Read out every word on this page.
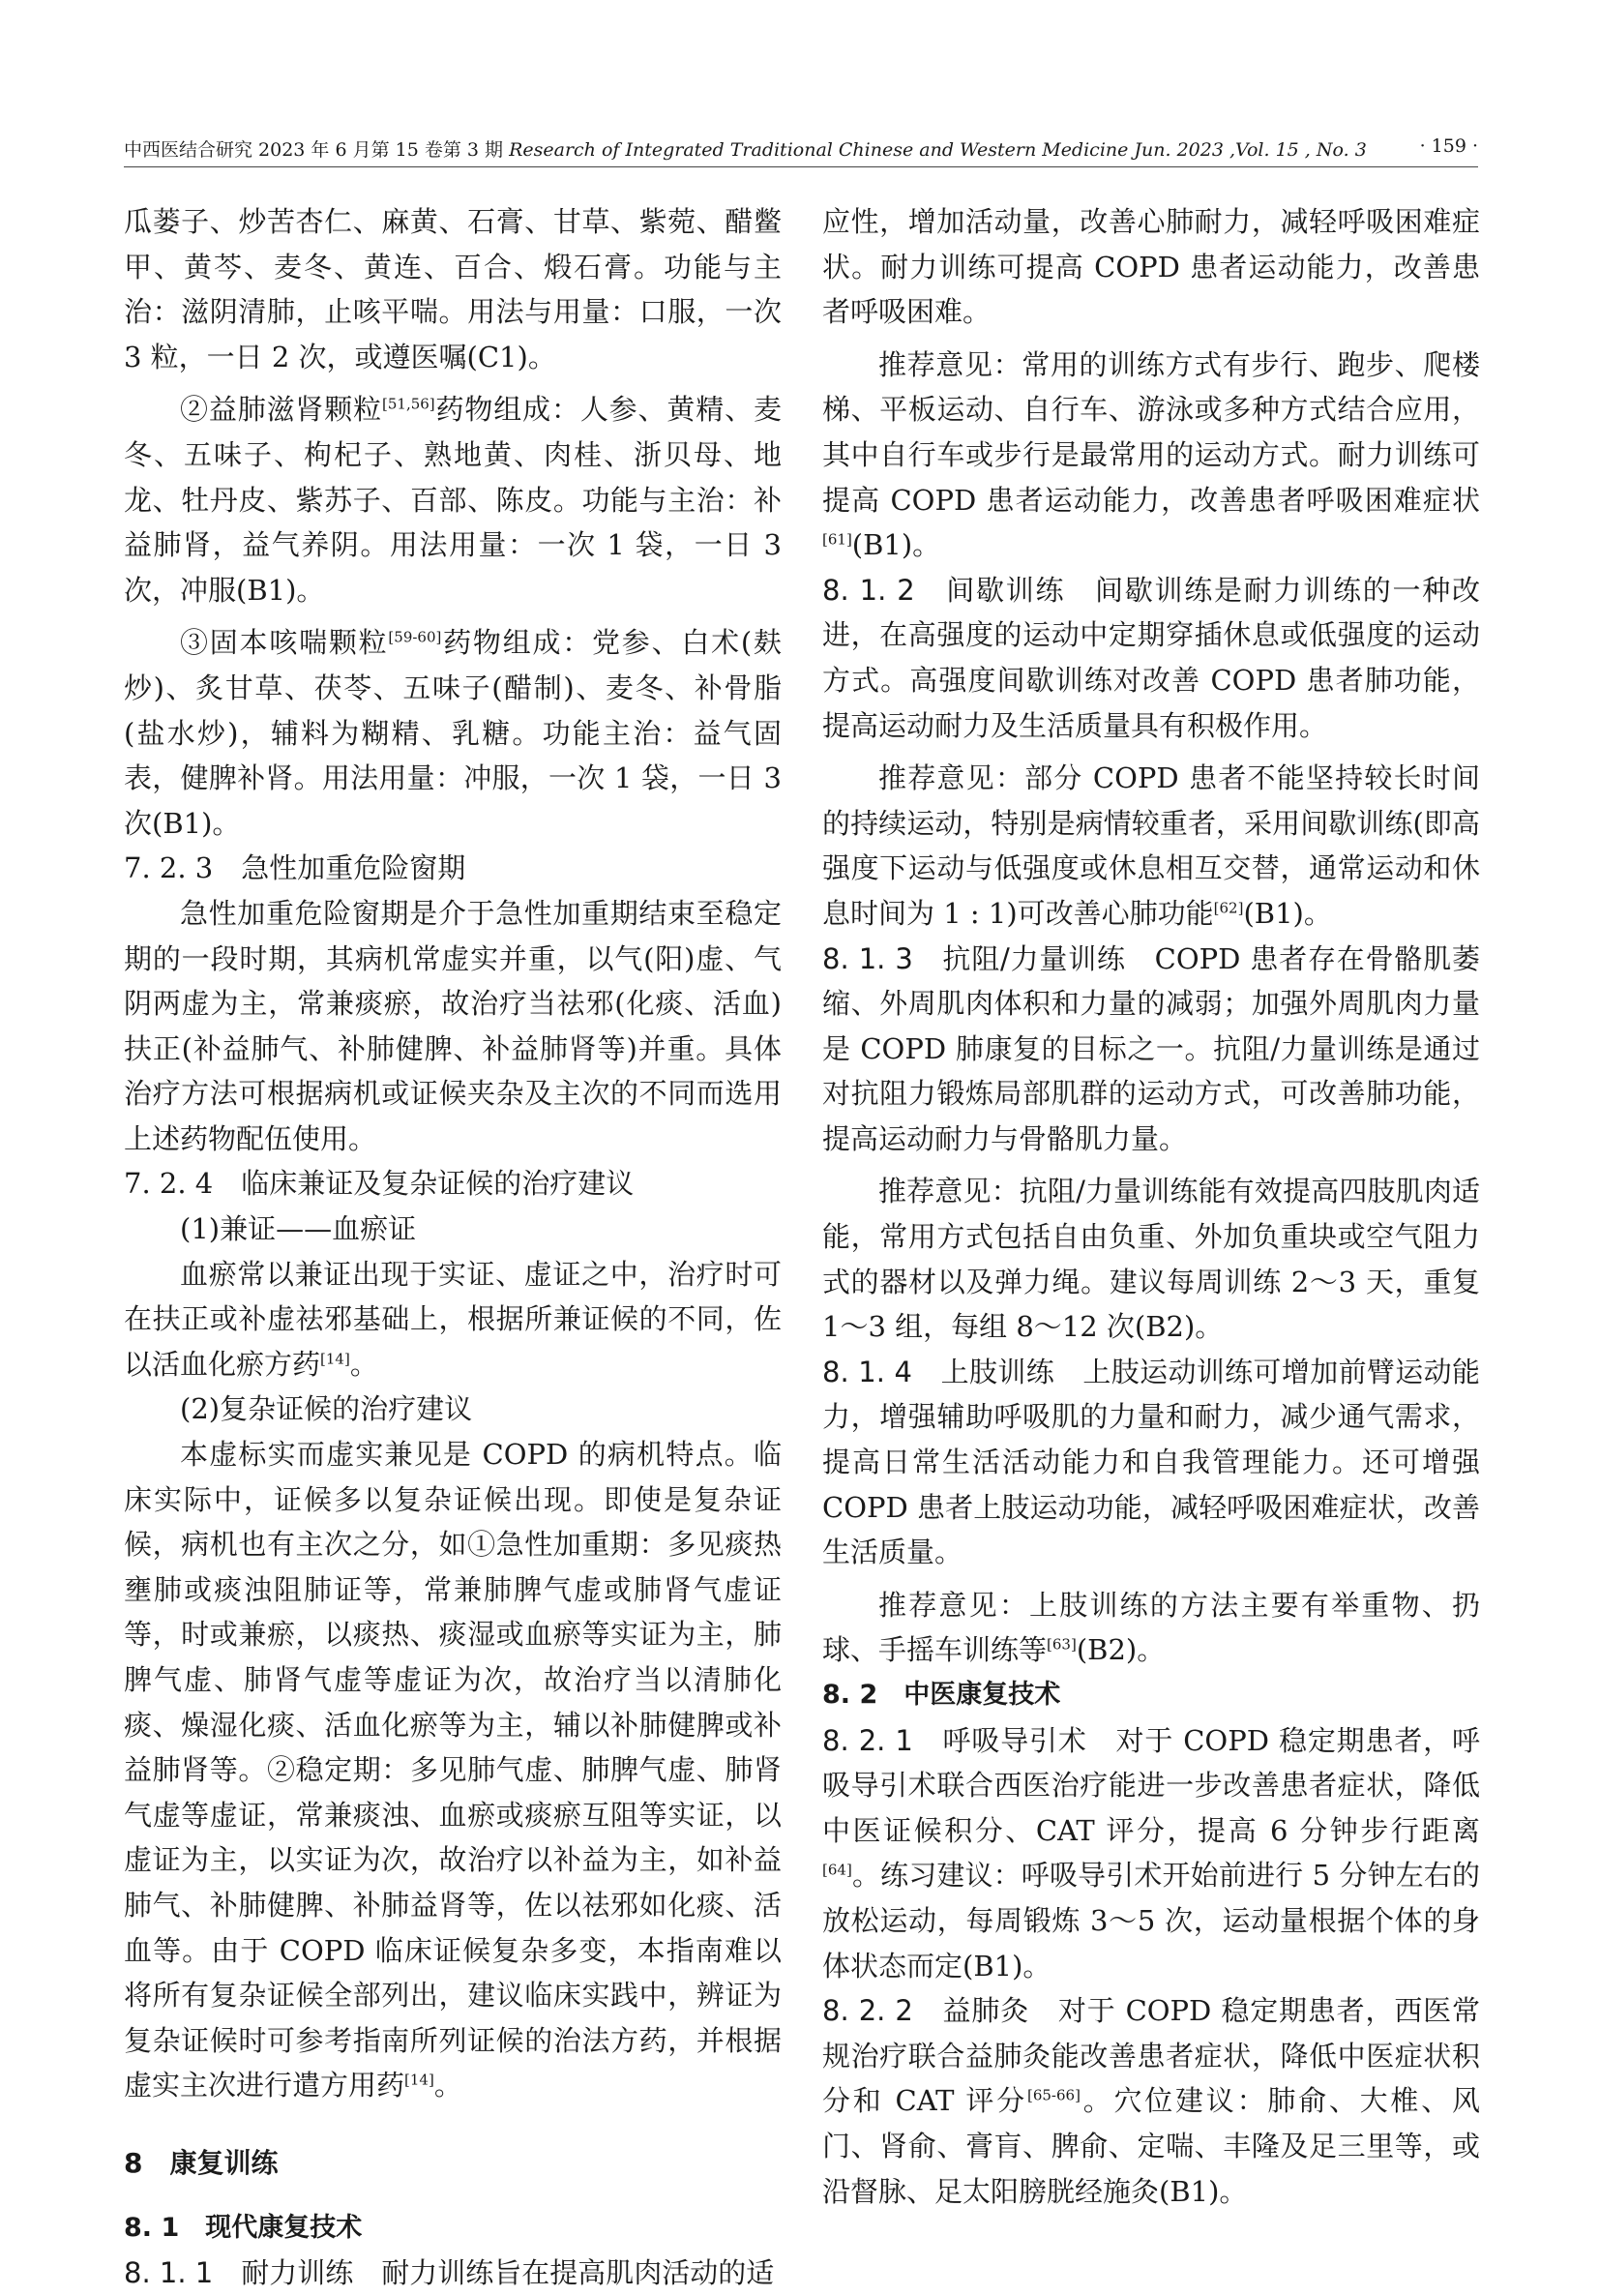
中西医结合研究 2023 年 6 月第 15 卷第 3 期 Research of Integrated Traditional Chinese and Western Medicine Jun. 2023 ,Vol. 15 , No. 3	· 159 ·

瓜蒌子、炒苦杏仁、麻黄、石膏、甘草、紫菀、醋鳖甲、黄芩、麦冬、黄连、百合、煅石膏。功能与主治：滋阴清肺，止咳平喘。用法与用量：口服，一次 3 粒，一日 2 次，或遵医嘱(C1)。

②益肺滋肾颗粒[51,56]药物组成：人参、黄精、麦冬、五味子、枸杞子、熟地黄、肉桂、浙贝母、地龙、牡丹皮、紫苏子、百部、陈皮。功能与主治：补益肺肾，益气养阴。用法用量：一次 1 袋，一日 3 次，冲服(B1)。

③固本咳喘颗粒[59-60]药物组成：党参、白术(麸炒)、炙甘草、茯苓、五味子(醋制)、麦冬、补骨脂(盐水炒)，辅料为糊精、乳糖。功能主治：益气固表，健脾补肾。用法用量：冲服，一次 1 袋，一日 3 次(B1)。

7. 2. 3　急性加重危险窗期

急性加重危险窗期是介于急性加重期结束至稳定期的一段时期，其病机常虚实并重，以气(阳)虚、气阴两虚为主，常兼痰瘀，故治疗当祛邪(化痰、活血)扶正(补益肺气、补肺健脾、补益肺肾等)并重。具体治疗方法可根据病机或证候夹杂及主次的不同而选用上述药物配伍使用。

7. 2. 4　临床兼证及复杂证候的治疗建议

(1)兼证——血瘀证

血瘀常以兼证出现于实证、虚证之中，治疗时可在扶正或补虚祛邪基础上，根据所兼证候的不同，佐以活血化瘀方药[14]。

(2)复杂证候的治疗建议

本虚标实而虚实兼见是 COPD 的病机特点。临床实际中，证候多以复杂证候出现。即使是复杂证候，病机也有主次之分，如①急性加重期：多见痰热壅肺或痰浊阻肺证等，常兼肺脾气虚或肺肾气虚证等，时或兼瘀，以痰热、痰湿或血瘀等实证为主，肺脾气虚、肺肾气虚等虚证为次，故治疗当以清肺化痰、燥湿化痰、活血化瘀等为主，辅以补肺健脾或补益肺肾等。②稳定期：多见肺气虚、肺脾气虚、肺肾气虚等虚证，常兼痰浊、血瘀或痰瘀互阻等实证，以虚证为主，以实证为次，故治疗以补益为主，如补益肺气、补肺健脾、补肺益肾等，佐以祛邪如化痰、活血等。由于 COPD 临床证候复杂多变，本指南难以将所有复杂证候全部列出，建议临床实践中，辨证为复杂证候时可参考指南所列证候的治法方药，并根据虚实主次进行遣方用药[14]。

8　康复训练

8. 1　现代康复技术

8. 1. 1　耐力训练　耐力训练旨在提高肌肉活动的适

应性，增加活动量，改善心肺耐力，减轻呼吸困难症状。耐力训练可提高 COPD 患者运动能力，改善患者呼吸困难。

推荐意见：常用的训练方式有步行、跑步、爬楼梯、平板运动、自行车、游泳或多种方式结合应用，其中自行车或步行是最常用的运动方式。耐力训练可提高 COPD 患者运动能力，改善患者呼吸困难症状[61](B1)。

8. 1. 2　间歇训练　间歇训练是耐力训练的一种改进，在高强度的运动中定期穿插休息或低强度的运动方式。高强度间歇训练对改善 COPD 患者肺功能，提高运动耐力及生活质量具有积极作用。

推荐意见：部分 COPD 患者不能坚持较长时间的持续运动，特别是病情较重者，采用间歇训练(即高强度下运动与低强度或休息相互交替，通常运动和休息时间为 1 : 1)可改善心肺功能[62](B1)。

8. 1. 3　抗阻/力量训练　COPD 患者存在骨骼肌萎缩、外周肌肉体积和力量的减弱；加强外周肌肉力量是 COPD 肺康复的目标之一。抗阻/力量训练是通过对抗阻力锻炼局部肌群的运动方式，可改善肺功能，提高运动耐力与骨骼肌力量。

推荐意见：抗阻/力量训练能有效提高四肢肌肉适能，常用方式包括自由负重、外加负重块或空气阻力式的器材以及弹力绳。建议每周训练 2～3 天，重复 1～3 组，每组 8～12 次(B2)。

8. 1. 4　上肢训练　上肢运动训练可增加前臂运动能力，增强辅助呼吸肌的力量和耐力，减少通气需求，提高日常生活活动能力和自我管理能力。还可增强 COPD 患者上肢运动功能，减轻呼吸困难症状，改善生活质量。

推荐意见：上肢训练的方法主要有举重物、扔球、手摇车训练等[63](B2)。

8. 2　中医康复技术

8. 2. 1　呼吸导引术　对于 COPD 稳定期患者，呼吸导引术联合西医治疗能进一步改善患者症状，降低中医证候积分、CAT 评分，提高 6 分钟步行距离[64]。练习建议：呼吸导引术开始前进行 5 分钟左右的放松运动，每周锻炼 3～5 次，运动量根据个体的身体状态而定(B1)。

8. 2. 2　益肺灸　对于 COPD 稳定期患者，西医常规治疗联合益肺灸能改善患者症状，降低中医症状积分和 CAT 评分[65-66]。穴位建议：肺俞、大椎、风门、肾俞、膏肓、脾俞、定喘、丰隆及足三里等，或沿督脉、足太阳膀胱经施灸(B1)。
